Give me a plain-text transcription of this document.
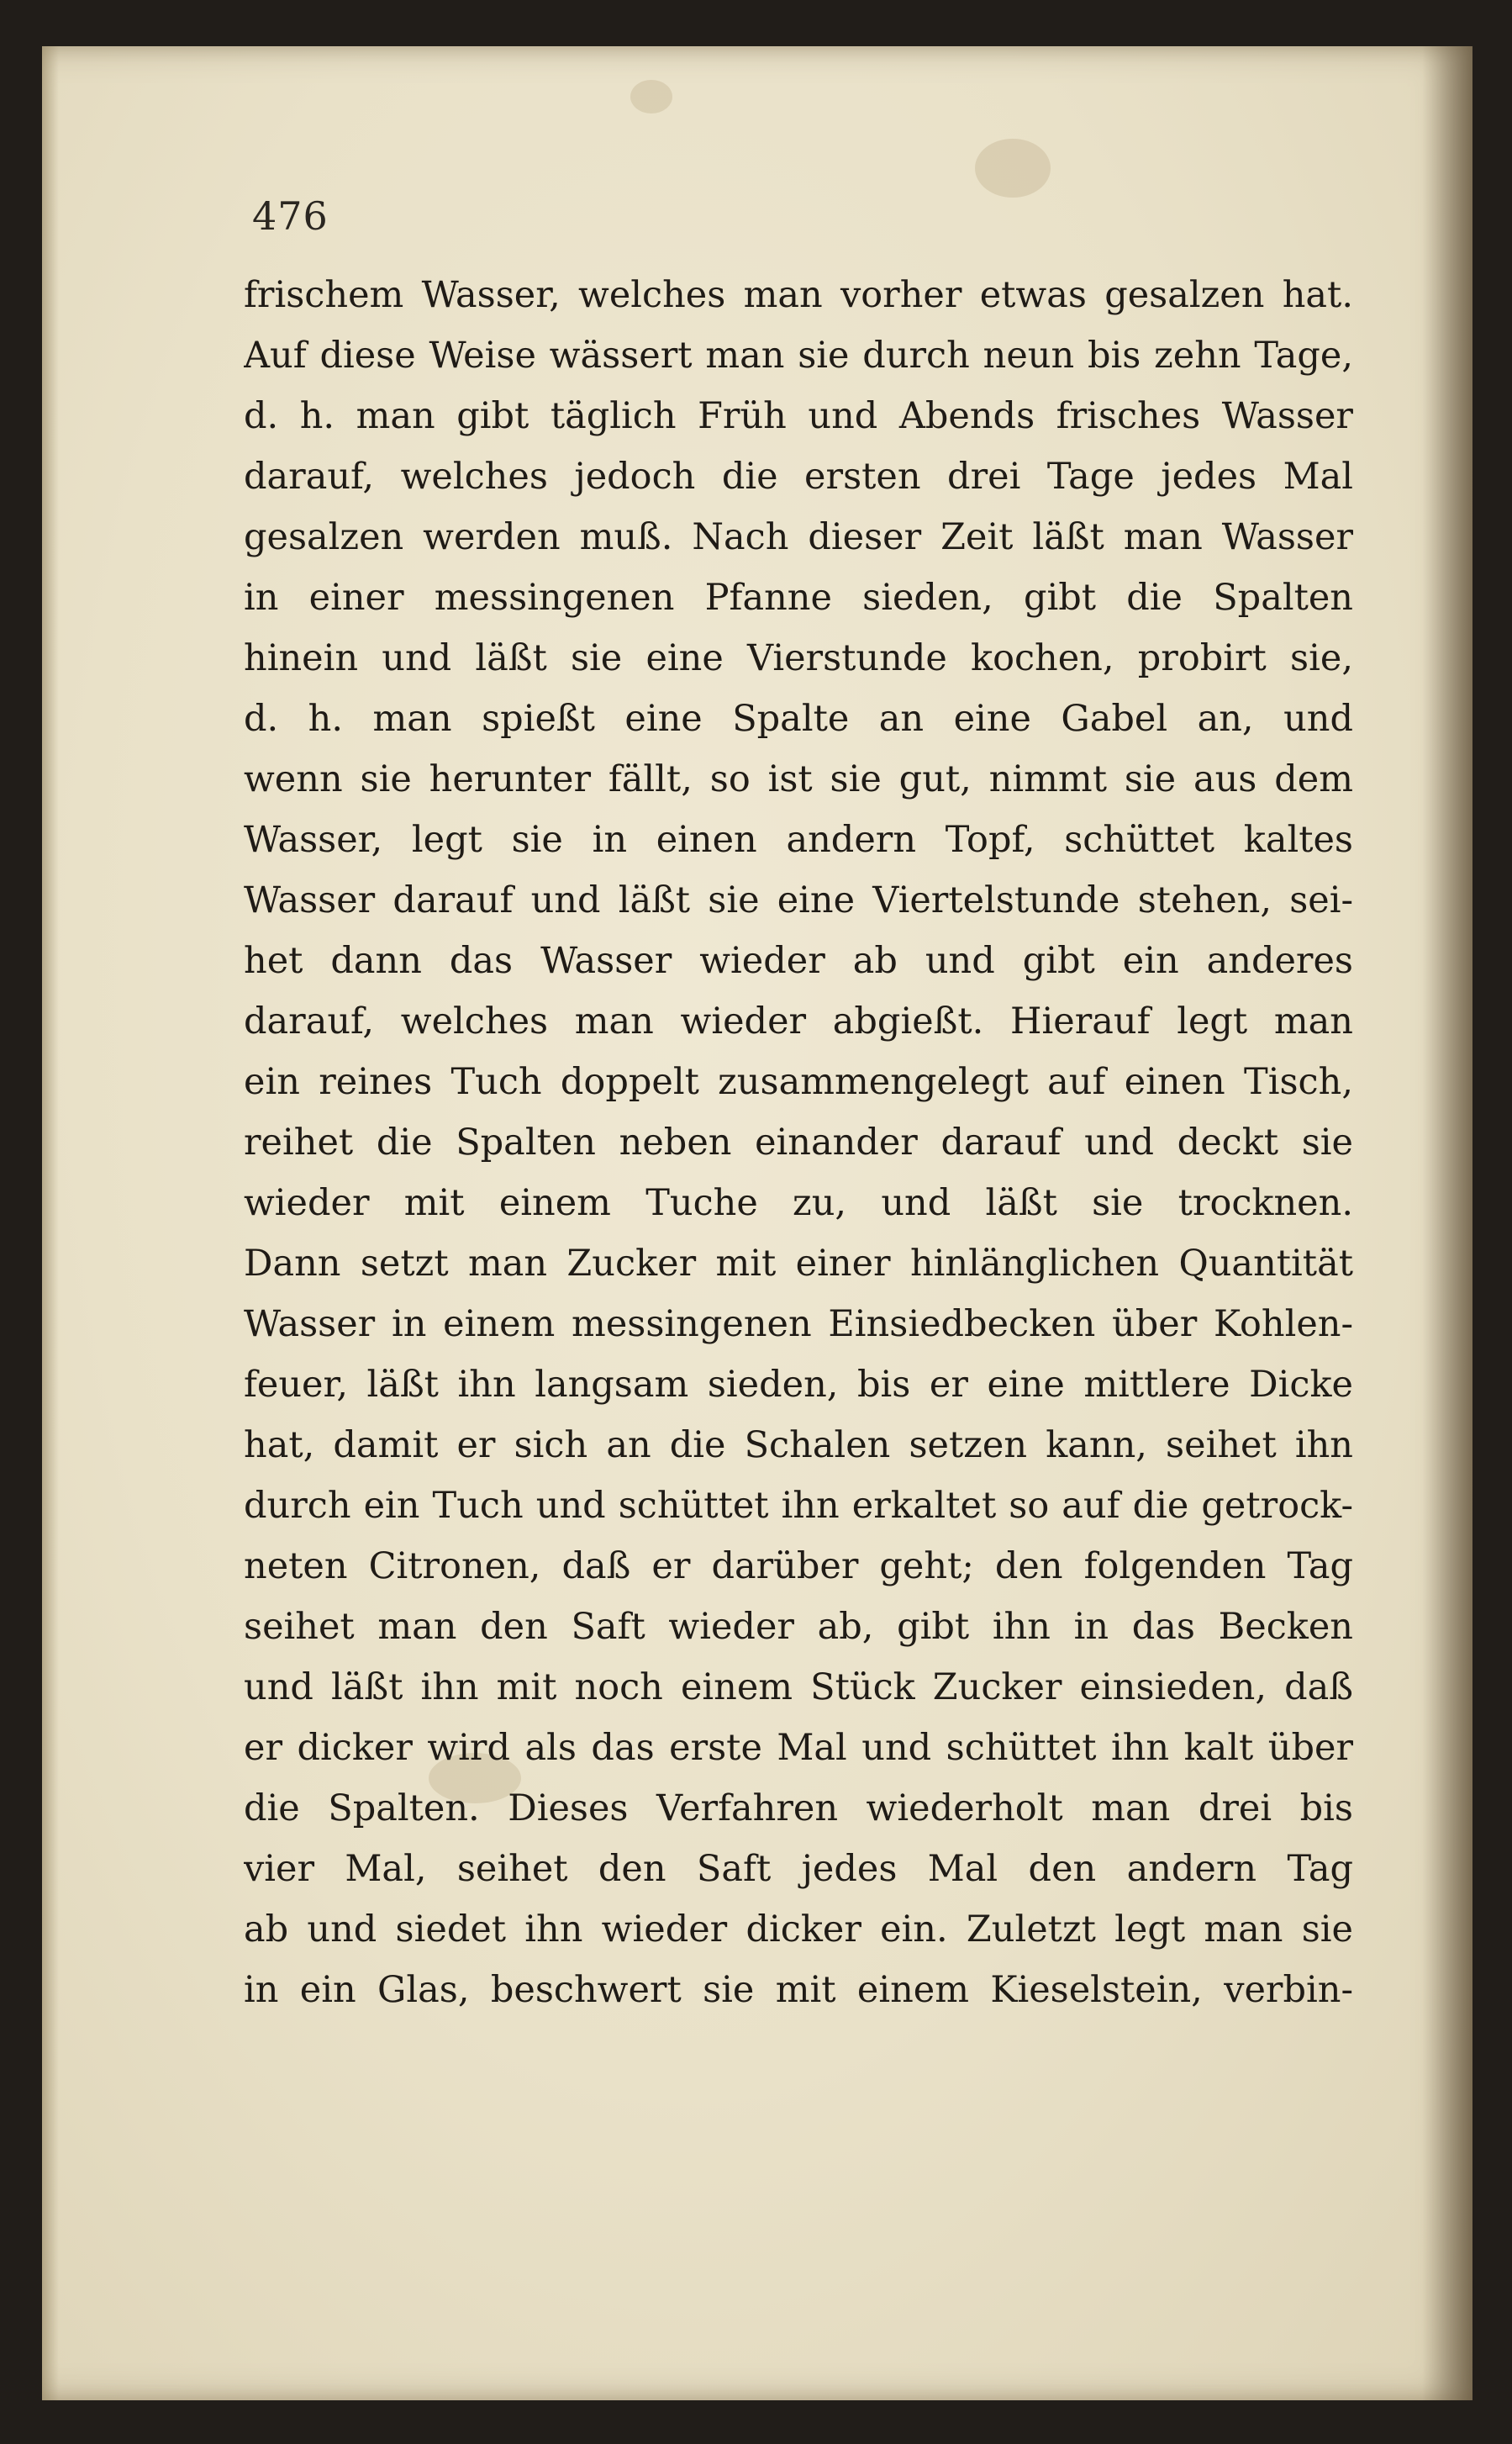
476
frischem Wasser, welches man vorher etwas gesalzen hat.
Auf diese Weise wässert man sie durch neun bis zehn Tage,
d. h. man gibt täglich Früh und Abends frisches Wasser
darauf, welches jedoch die ersten drei Tage jedes Mal
gesalzen werden muß. Nach dieser Zeit läßt man Wasser
in einer messingenen Pfanne sieden, gibt die Spalten
hinein und läßt sie eine Vierstunde kochen, probirt sie,
d. h. man spießt eine Spalte an eine Gabel an, und
wenn sie herunter fällt, so ist sie gut, nimmt sie aus dem
Wasser, legt sie in einen andern Topf, schüttet kaltes
Wasser darauf und läßt sie eine Viertelstunde stehen, sei-
het dann das Wasser wieder ab und gibt ein anderes
darauf, welches man wieder abgießt. Hierauf legt man
ein reines Tuch doppelt zusammengelegt auf einen Tisch,
reihet die Spalten neben einander darauf und deckt sie
wieder mit einem Tuche zu, und läßt sie trocknen.
Dann setzt man Zucker mit einer hinlänglichen Quantität
Wasser in einem messingenen Einsiedbecken über Kohlen-
feuer, läßt ihn langsam sieden, bis er eine mittlere Dicke
hat, damit er sich an die Schalen setzen kann, seihet ihn
durch ein Tuch und schüttet ihn erkaltet so auf die getrock-
neten Citronen, daß er darüber geht; den folgenden Tag
seihet man den Saft wieder ab, gibt ihn in das Becken
und läßt ihn mit noch einem Stück Zucker einsieden, daß
er dicker wird als das erste Mal und schüttet ihn kalt über
die Spalten. Dieses Verfahren wiederholt man drei bis
vier Mal, seihet den Saft jedes Mal den andern Tag
ab und siedet ihn wieder dicker ein. Zuletzt legt man sie
in ein Glas, beschwert sie mit einem Kieselstein, verbin-
